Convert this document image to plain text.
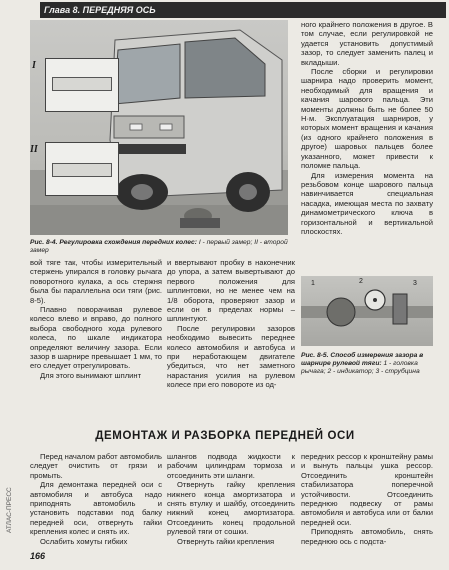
Глава 8. ПЕРЕДНЯЯ ОСЬ
I
II
Рис. 8-4. Регулировка схождения передних колес: I - первый замер; II - второй замер

ного крайнего положения в другое. В том случае, если регулировкой не удается установить допустимый зазор, то следует заменить палец и вкладыши.

После сборки и регулировки шарнира надо проверить момент, необходимый для вращения и качания шарового пальца. Эти моменты должны быть не более 50 Н·м. Эксплуатация шарниров, у которых момент вращения и качания (из одного крайнего положения в другое) шаровых пальцев более указанного, может привести к поломке пальца.

Для измерения момента на резьбовом конце шарового пальца навинчивается специальная насадка, имеющая места по захвату динамометрического ключа в горизонтальной и вертикальной плоскостях.

вой тяге так, чтобы измерительный стержень упирался в головку рычага поворотного кулака, а ось стержня была бы параллельна оси тяги (рис. 8-5).

Плавно поворачивая рулевое колесо влево и вправо, до полного выбора свободного хода рулевого колеса, по шкале индикатора определяют величину зазора. Если зазор в шарнире превышает 1 мм, то его следует отрегулировать.

Для этого вынимают шплинт

и ввертывают пробку в наконечник до упора, а затем вывертывают до первого положения для шплинтовки, но не менее чем на 1/8 оборота, проверяют зазор и если он в пределах нормы – шплинтуют.

После регулировки зазоров необходимо вывесить переднее колесо автомобиля и автобуса и при неработающем двигателе убедиться, что нет заметного нарастания усилия на рулевом колесе при его повороте из од-

1	2	3
Рис. 8-5. Способ измерения зазора в шарнире рулевой тяги: 1 - головка рычага; 2 - индикатор; 3 - струбцина
ДЕМОНТАЖ И РАЗБОРКА ПЕРЕДНЕЙ ОСИ

Перед началом работ автомобиль следует очистить от грязи и промыть.

Для демонтажа передней оси с автомобиля и автобуса надо приподнять автомобиль и установить подставки под балку передней оси, отвернуть гайки крепления колес и снять их.

Ослабить хомуты гибких

шлангов подвода жидкости к рабочим цилиндрам тормоза и отсоединить эти шланги.

Отвернуть гайку крепления нижнего конца амортизатора и снять втулку и шайбу, отсоединить нижний конец амортизатора. Отсоединить конец продольной рулевой тяги от сошки.

Отвернуть гайки крепления

передних рессор к кронштейну рамы и вынуть пальцы ушка рессор. Отсоединить кронштейн стабилизатора поперечной устойчивости. Отсоединить переднюю подвеску от рамы автомобиля и автобуса или от балки передней оси.

Приподнять автомобиль, снять переднюю ось с подста-

АТЛАС-ПРЕСС
166
